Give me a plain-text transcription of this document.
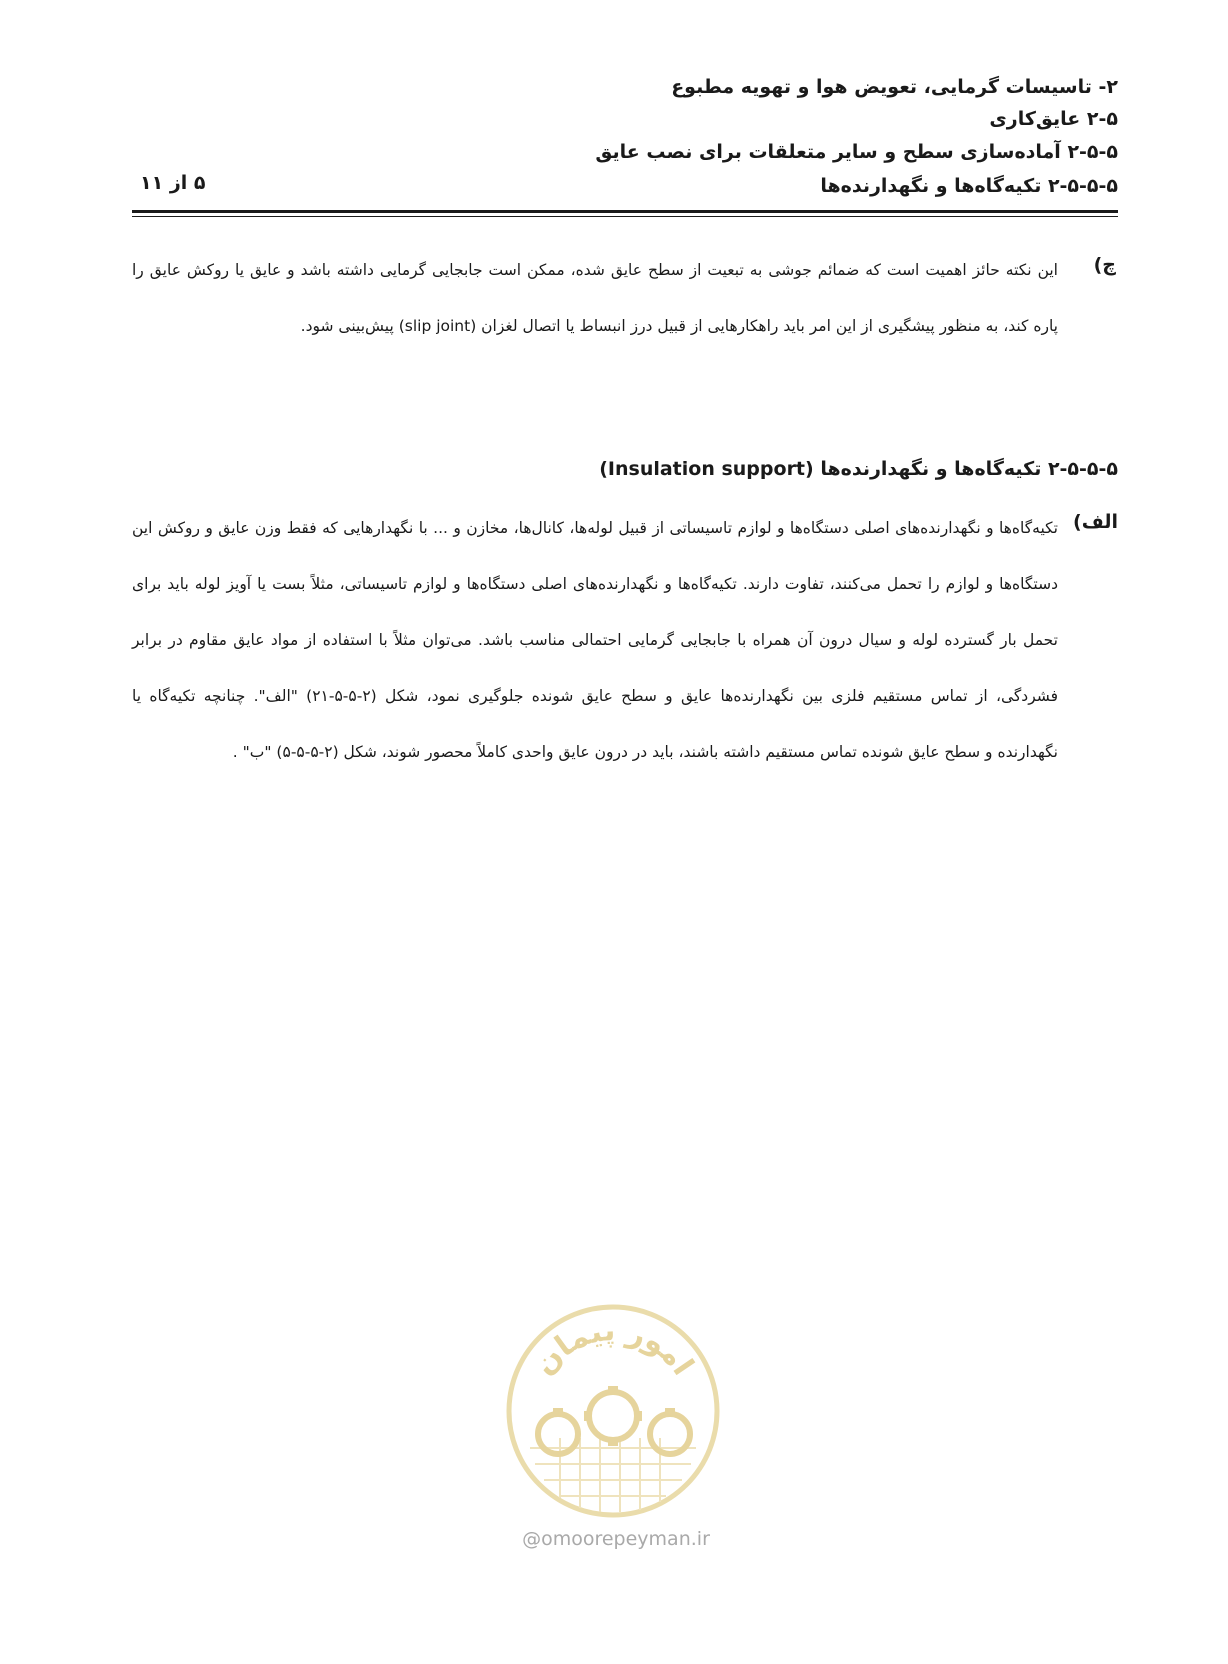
۲- تاسیسات گرمایی، تعویض هوا و تهویه مطبوع
۲-۵ عایق‌کاری
۲-۵-۵ آماده‌سازی سطح و سایر متعلقات برای نصب عایق
۲-۵-۵-۵ تکیه‌گاه‌ها و نگهدارنده‌ها
۵ از ۱۱
چ)
این نکته حائز اهمیت است که ضمائم جوشی به تبعیت از سطح عایق شده، ممکن است جابجایی گرمایی داشته باشد و عایق یا روکش عایق را پاره کند، به منظور پیشگیری از این امر باید راهکارهایی از قبیل درز انبساط یا اتصال لغزان (slip joint) پیش‌بینی شود.
۲-۵-۵-۵ تکیه‌گاه‌ها و نگهدارنده‌ها (Insulation support)
الف)
تکیه‌گاه‌ها و نگهدارنده‌های اصلی دستگاه‌ها و لوازم تاسیساتی از قبیل لوله‌ها، کانال‌ها، مخازن و ... با نگهدارهایی که فقط وزن عایق و روکش این دستگاه‌ها و لوازم را تحمل می‌کنند، تفاوت دارند. تکیه‌گاه‌ها و نگهدارنده‌های اصلی دستگاه‌ها و لوازم تاسیساتی، مثلاً بست یا آویز لوله باید برای تحمل بار گسترده لوله و سیال درون آن همراه با جابجایی گرمایی احتمالی مناسب باشد. می‌توان مثلاً با استفاده از مواد عایق مقاوم در برابر فشردگی، از تماس مستقیم فلزی بین نگهدارنده‌ها عایق و سطح عایق شونده جلوگیری نمود، شکل (۲-۵-۵-۲۱) "الف". چنانچه تکیه‌گاه یا نگهدارنده و سطح عایق شونده تماس مستقیم داشته باشند، باید در درون عایق واحدی کاملاً محصور شوند، شکل (۲-۵-۵-۵) "ب" .
امور پیمان
@omoorepeyman.ir
